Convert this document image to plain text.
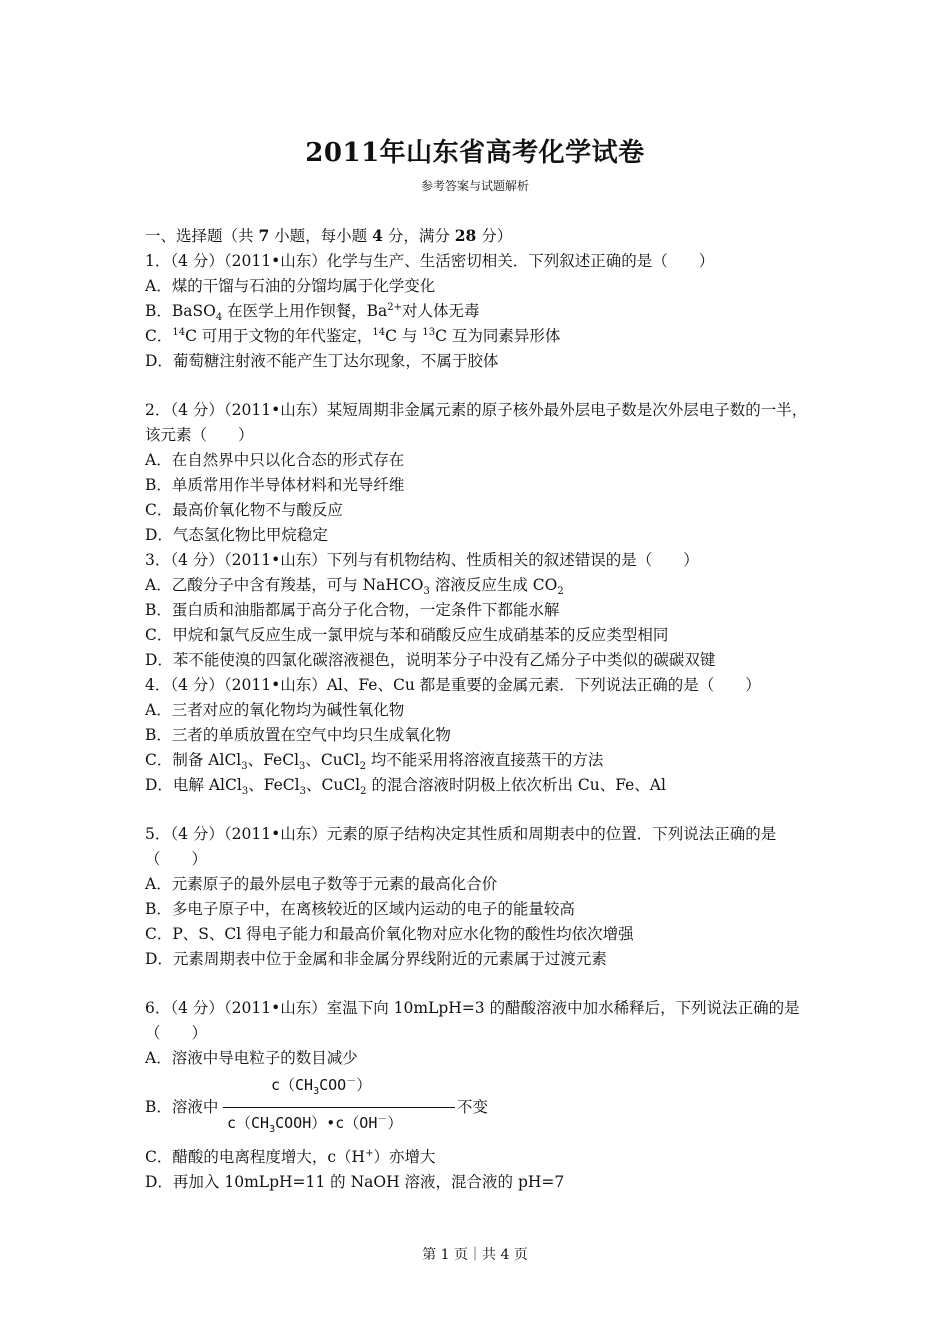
2011年山东省高考化学试卷
参考答案与试题解析
一、选择题（共 7 小题，每小题 4 分，满分 28 分）
1．（4 分）（2011•山东）化学与生产、生活密切相关．下列叙述正确的是（　　）
A．煤的干馏与石油的分馏均属于化学变化
B．BaSO$_4$ 在医学上用作钡餐，$Ba^{2+}$对人体无毒
C．$^{14}$C 可用于文物的年代鉴定，$^{14}$C 与 $^{13}$C 互为同素异形体
D．葡萄糖注射液不能产生丁达尔现象，不属于胶体
2．（4 分）（2011•山东）某短周期非金属元素的原子核外最外层电子数是次外层电子数的一半，该元素（　　）
A．在自然界中只以化合态的形式存在
B．单质常用作半导体材料和光导纤维
C．最高价氧化物不与酸反应
D．气态氢化物比甲烷稳定
3．（4 分）（2011•山东）下列与有机物结构、性质相关的叙述错误的是（　　）
A．乙酸分子中含有羧基，可与 NaHCO$_3$ 溶液反应生成 $CO_2$
B．蛋白质和油脂都属于高分子化合物，一定条件下都能水解
C．甲烷和氯气反应生成一氯甲烷与苯和硝酸反应生成硝基苯的反应类型相同
D．苯不能使溴的四氯化碳溶液褪色，说明苯分子中没有乙烯分子中类似的碳碳双键
4．（4 分）（2011•山东）Al、Fe、Cu 都是重要的金属元素．下列说法正确的是（　　）
A．三者对应的氧化物均为碱性氧化物
B．三者的单质放置在空气中均只生成氧化物
C．制备 AlCl$_3$、FeCl$_3$、CuCl$_2$ 均不能采用将溶液直接蒸干的方法
D．电解 AlCl$_3$、FeCl$_3$、CuCl$_2$ 的混合溶液时阴极上依次析出 Cu、Fe、Al
5．（4 分）（2011•山东）元素的原子结构决定其性质和周期表中的位置．下列说法正确的是（　　）
A．元素原子的最外层电子数等于元素的最高化合价
B．多电子原子中，在离核较近的区域内运动的电子的能量较高
C．P、S、Cl 得电子能力和最高价氧化物对应水化物的酸性均依次增强
D．元素周期表中位于金属和非金属分界线附近的元素属于过渡元素
6．（4 分）（2011•山东）室温下向 10mLpH=3 的醋酸溶液中加水稀释后，下列说法正确的是（　　）
A．溶液中导电粒子的数目减少
B．溶液中
$c(CH_3COO^-)$
$c(CH_3COOH)•c(OH^-)$
不变
C．醋酸的电离程度增大，c（H+）亦增大
D．再加入 10mLpH=11 的 NaOH 溶液，混合液的 pH=7
第 1 页｜共 4 页
